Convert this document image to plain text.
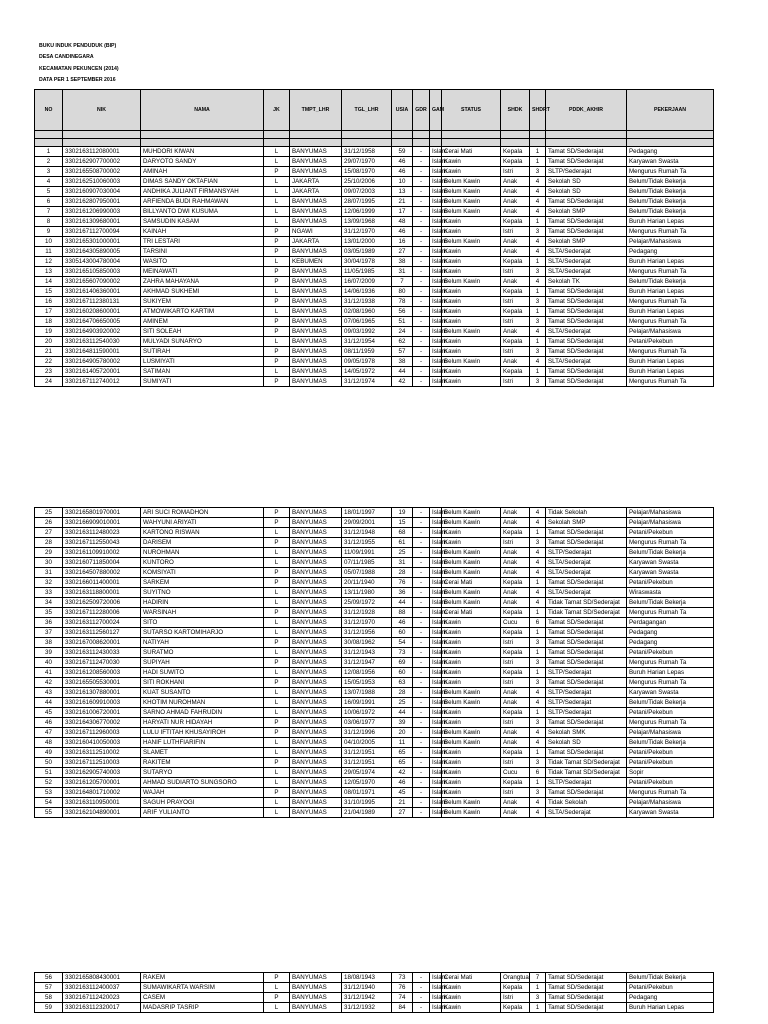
BUKU INDUK PENDUDUK (BIP)
DESA CANDINEGARA
KECAMATAN PEKUNCEN (2014)
DATA PER 1 SEPTEMBER 2016
NO	NIK	NAMA	JK	TMPT_LHR	TGL_LHR	USIA	GDR	GAM	STATUS	SHDK	SHDRT	PDDK_AKHIR	PEKERJAAN

1	3302163112080001	MUHDORI KIWAN	L	BANYUMAS	31/12/1958	59	-	Islam	Cerai Mati	Kepala	1	Tamat SD/Sederajat	Pedagang
2	3302162907700002	DARYOTO SANDY	L	BANYUMAS	29/07/1970	46	-	Islam	Kawin	Kepala	1	Tamat SD/Sederajat	Karyawan Swasta
3	3302165508700002	AMINAH	P	BANYUMAS	15/08/1970	46	-	Islam	Kawin	Istri	3	SLTP/Sederajat	Mengurus Rumah Ta
4	3302162510060003	DIMAS SANDY OKTAFIAN	L	JAKARTA	25/10/2006	10	-	Islam	Belum Kawin	Anak	4	Sekolah SD	Belum/Tidak Bekerja
5	3302160907030004	ANDHIKA JULIANT FIRMANSYAH	L	JAKARTA	09/07/2003	13	-	Islam	Belum Kawin	Anak	4	Sekolah SD	Belum/Tidak Bekerja
6	3302162807950001	ARFIENDA BUDI RAHMAWAN	L	BANYUMAS	28/07/1995	21	-	Islam	Belum Kawin	Anak	4	Tamat SD/Sederajat	Belum/Tidak Bekerja
7	3302161206990003	BILLYANTO DWI KUSUMA	L	BANYUMAS	12/06/1999	17	-	Islam	Belum Kawin	Anak	4	Sekolah SMP	Belum/Tidak Bekerja
8	3302161309680001	SAMSUDIN KASAM	L	BANYUMAS	13/09/1968	48	-	Islam	Kawin	Kepala	1	Tamat SD/Sederajat	Buruh Harian Lepas
9	3302167112700094	KAINAH	P	NGAWI	31/12/1970	46	-	Islam	Kawin	Istri	3	Tamat SD/Sederajat	Mengurus Rumah Ta
10	3302165301000001	TRI LESTARI	P	JAKARTA	13/01/2000	16	-	Islam	Belum Kawin	Anak	4	Sekolah SMP	Pelajar/Mahasiswa
11	3302164305890005	TARSINI	P	BANYUMAS	03/05/1989	27	-	Islam	Kawin	Anak	4	SLTA/Sederajat	Pedagang
12	3305143004780004	WASITO	L	KEBUMEN	30/04/1978	38	-	Islam	Kawin	Kepala	1	SLTA/Sederajat	Buruh Harian Lepas
13	3302165105850003	MEINAWATI	P	BANYUMAS	11/05/1985	31	-	Islam	Kawin	Istri	3	SLTA/Sederajat	Mengurus Rumah Ta
14	3302165607090002	ZAHRA MAHAYANA	P	BANYUMAS	16/07/2009	7	-	Islam	Belum Kawin	Anak	4	Sekolah TK	Belum/Tidak Bekerja
15	3302161406360001	AKHMAD SUKHEMI	L	BANYUMAS	14/06/1936	80	-	Islam	Kawin	Kepala	1	Tamat SD/Sederajat	Buruh Harian Lepas
16	3302167112380131	SUKIYEM	P	BANYUMAS	31/12/1938	78	-	Islam	Kawin	Istri	3	Tamat SD/Sederajat	Mengurus Rumah Ta
17	3302160208600001	ATMOWIKARTO KARTIM	L	BANYUMAS	02/08/1960	56	-	Islam	Kawin	Kepala	1	Tamat SD/Sederajat	Buruh Harian Lepas
18	3302164706650005	AMINEM	P	BANYUMAS	07/06/1965	51	-	Islam	Kawin	Istri	3	Tamat SD/Sederajat	Mengurus Rumah Ta
19	3302164903920002	SITI SOLEAH	P	BANYUMAS	09/03/1992	24	-	Islam	Belum Kawin	Anak	4	SLTA/Sederajat	Pelajar/Mahasiswa
20	3302163112540030	MULYADI SUNARYO	L	BANYUMAS	31/12/1954	62	-	Islam	Kawin	Kepala	1	Tamat SD/Sederajat	Petani/Pekebun
21	3302164811590001	SUTIRAH	P	BANYUMAS	08/11/1959	57	-	Islam	Kawin	Istri	3	Tamat SD/Sederajat	Mengurus Rumah Ta
22	3302164905780002	LUSMIYATI	P	BANYUMAS	09/05/1978	38	-	Islam	Belum Kawin	Anak	4	SLTA/Sederajat	Buruh Harian Lepas
23	3302161405720001	SATIMAN	L	BANYUMAS	14/05/1972	44	-	Islam	Kawin	Kepala	1	Tamat SD/Sederajat	Buruh Harian Lepas
24	3302167112740012	SUMIYATI	P	BANYUMAS	31/12/1974	42	-	Islam	Kawin	Istri	3	Tamat SD/Sederajat	Mengurus Rumah Ta
25	3302165801970001	ARI SUCI ROMADHON	P	BANYUMAS	18/01/1997	19	-	Islam	Belum Kawin	Anak	4	Tidak Sekolah	Pelajar/Mahasiswa
26	3302166909010001	WAHYUNI ARIYATI	P	BANYUMAS	29/09/2001	15	-	Islam	Belum Kawin	Anak	4	Sekolah SMP	Pelajar/Mahasiswa
27	3302163112480023	KARTONO RISWAN	L	BANYUMAS	31/12/1948	68	-	Islam	Kawin	Kepala	1	Tamat SD/Sederajat	Petani/Pekebun
28	3302167112550043	DARISEM	P	BANYUMAS	31/12/1955	61	-	Islam	Kawin	Istri	3	Tamat SD/Sederajat	Mengurus Rumah Ta
29	3302161109910002	NUROHMAN	L	BANYUMAS	11/09/1991	25	-	Islam	Belum Kawin	Anak	4	SLTP/Sederajat	Belum/Tidak Bekerja
30	3302160711850004	KUNTORO	L	BANYUMAS	07/11/1985	31	-	Islam	Belum Kawin	Anak	4	SLTA/Sederajat	Karyawan Swasta
31	3302164507880002	KOMSIYATI	P	BANYUMAS	05/07/1988	28	-	Islam	Belum Kawin	Anak	4	SLTA/Sederajat	Karyawan Swasta
32	3302166011400001	SARKEM	P	BANYUMAS	20/11/1940	76	-	Islam	Cerai Mati	Kepala	1	Tamat SD/Sederajat	Petani/Pekebun
33	3302163118800001	SUYITNO	L	BANYUMAS	13/11/1980	36	-	Islam	Belum Kawin	Anak	4	SLTA/Sederajat	Wiraswasta
34	3302162509720006	HADIRIN	L	BANYUMAS	25/09/1972	44	-	Islam	Belum Kawin	Anak	4	Tidak Tamat SD/Sederajat	Belum/Tidak Bekerja
35	3302167112280006	WARSINAH	P	BANYUMAS	31/12/1928	88	-	Islam	Cerai Mati	Kepala	1	Tidak Tamat SD/Sederajat	Mengurus Rumah Ta
36	3302163112700024	SITO	L	BANYUMAS	31/12/1970	46	-	Islam	Kawin	Cucu	6	Tamat SD/Sederajat	Perdagangan
37	3302163112560127	SUTARSO KARTOMIHARJO	L	BANYUMAS	31/12/1956	60	-	Islam	Kawin	Kepala	1	Tamat SD/Sederajat	Pedagang
38	3302167008620001	NATIYAH	P	BANYUMAS	30/08/1962	54	-	Islam	Kawin	Istri	3	Tamat SD/Sederajat	Pedagang
39	3302163112430033	SURATMO	L	BANYUMAS	31/12/1943	73	-	Islam	Kawin	Kepala	1	Tamat SD/Sederajat	Petani/Pekebun
40	3302167112470030	SUPIYAH	P	BANYUMAS	31/12/1947	69	-	Islam	Kawin	Istri	3	Tamat SD/Sederajat	Mengurus Rumah Ta
41	3302161208560003	HADI SUWITO	L	BANYUMAS	12/08/1956	60	-	Islam	Kawin	Kepala	1	SLTP/Sederajat	Buruh Harian Lepas
42	3302165505530001	SITI ROKHANI	P	BANYUMAS	15/05/1953	63	-	Islam	Kawin	Istri	3	Tamat SD/Sederajat	Mengurus Rumah Ta
43	3302161307880001	KUAT SUSANTO	L	BANYUMAS	13/07/1988	28	-	Islam	Belum Kawin	Anak	4	SLTP/Sederajat	Karyawan Swasta
44	3302161609910003	KHOTIM NUROHMAN	L	BANYUMAS	16/09/1991	25	-	Islam	Belum Kawin	Anak	4	SLTP/Sederajat	Belum/Tidak Bekerja
45	3302161006720001	SARNO AHMAD FAHRUDIN	L	BANYUMAS	10/06/1972	44	-	Islam	Kawin	Kepala	1	SLTP/Sederajat	Petani/Pekebun
46	3302164306770002	HARYATI NUR HIDAYAH	P	BANYUMAS	03/06/1977	39	-	Islam	Kawin	Istri	3	Tamat SD/Sederajat	Mengurus Rumah Ta
47	3302167112960003	LULU IFTITAH KHUSAYIROH	P	BANYUMAS	31/12/1996	20	-	Islam	Belum Kawin	Anak	4	Sekolah SMK	Pelajar/Mahasiswa
48	3302160410050003	HANIF LUTHFIARIFIN	L	BANYUMAS	04/10/2005	11	-	Islam	Belum Kawin	Anak	4	Sekolah SD	Belum/Tidak Bekerja
49	3302163112510002	SLAMET	L	BANYUMAS	31/12/1951	65	-	Islam	Kawin	Kepala	1	Tamat SD/Sederajat	Petani/Pekebun
50	3302167112510003	RAKITEM	P	BANYUMAS	31/12/1951	65	-	Islam	Kawin	Istri	3	Tidak Tamat SD/Sederajat	Petani/Pekebun
51	3302162905740003	SUTARYO	L	BANYUMAS	29/05/1974	42	-	Islam	Kawin	Cucu	6	Tidak Tamat SD/Sederajat	Sopir
52	3302161205700001	AHMAD SUDIARTO SUNGSORO	L	BANYUMAS	12/05/1970	46	-	Islam	Kawin	Kepala	1	SLTP/Sederajat	Petani/Pekebun
53	3302164801710002	WAJAH	P	BANYUMAS	08/01/1971	45	-	Islam	Kawin	Istri	3	Tamat SD/Sederajat	Mengurus Rumah Ta
54	3302163110950001	SAGUH PRAYOGI	L	BANYUMAS	31/10/1995	21	-	Islam	Belum Kawin	Anak	4	Tidak Sekolah	Pelajar/Mahasiswa
55	3302162104890001	ARIF YULIANTO	L	BANYUMAS	21/04/1989	27	-	Islam	Belum Kawin	Anak	4	SLTA/Sederajat	Karyawan Swasta
56	3302165808430001	RAKEM	P	BANYUMAS	18/08/1943	73	-	Islam	Cerai Mati	Orangtua	7	Tamat SD/Sederajat	Belum/Tidak Bekerja
57	3302163112400037	SUMAWIKARTA WARSIM	L	BANYUMAS	31/12/1940	76	-	Islam	Kawin	Kepala	1	Tamat SD/Sederajat	Petani/Pekebun
58	3302167112420023	CASEM	P	BANYUMAS	31/12/1942	74	-	Islam	Kawin	Istri	3	Tamat SD/Sederajat	Pedagang
59	3302163112320017	MADASRIP TASRIP	L	BANYUMAS	31/12/1932	84	-	Islam	Kawin	Kepala	1	Tamat SD/Sederajat	Buruh Harian Lepas
